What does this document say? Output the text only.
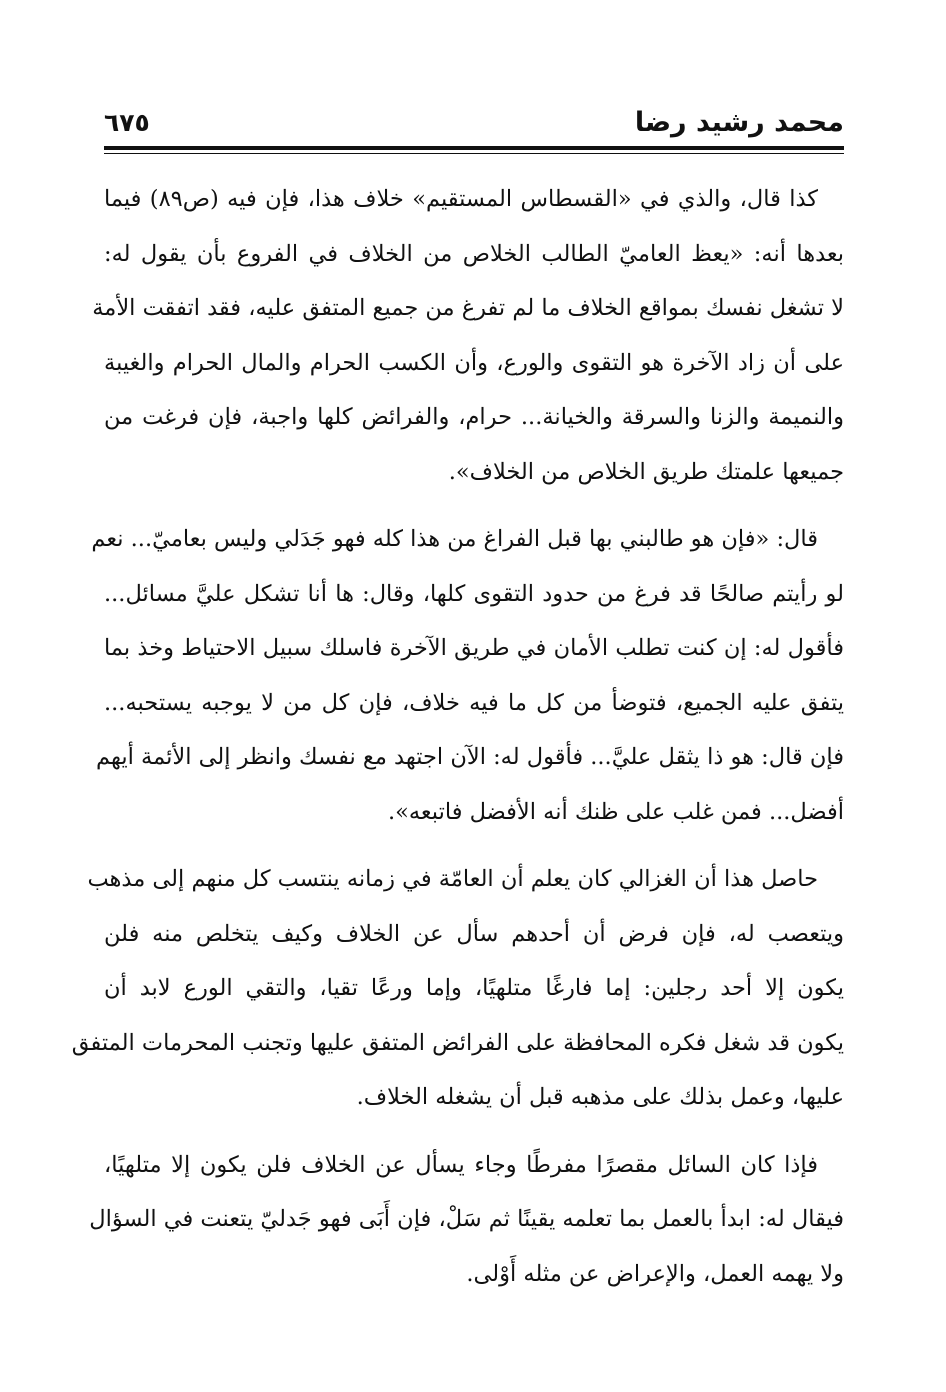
محمد رشيد رضا
٦٧٥

كذا قال، والذي في «القسطاس المستقيم» خلاف هذا، فإن فيه (ص٨٩) فيما
بعدها أنه: «يعظ العاميّ الطالب الخلاص من الخلاف في الفروع بأن يقول له:
لا تشغل نفسك بمواقع الخلاف ما لم تفرغ من جميع المتفق عليه، فقد اتفقت الأمة
على أن زاد الآخرة هو التقوى والورع، وأن الكسب الحرام والمال الحرام والغيبة
والنميمة والزنا والسرقة والخيانة... حرام، والفرائض كلها واجبة، فإن فرغت من
جميعها علمتك طريق الخلاص من الخلاف».

قال: «فإن هو طالبني بها قبل الفراغ من هذا كله فهو جَدَلي وليس بعاميّ... نعم
لو رأيتم صالحًا قد فرغ من حدود التقوى كلها، وقال: ها أنا تشكل عليَّ مسائل...
فأقول له: إن كنت تطلب الأمان في طريق الآخرة فاسلك سبيل الاحتياط وخذ بما
يتفق عليه الجميع، فتوضأ من كل ما فيه خلاف، فإن كل من لا يوجبه يستحبه...
فإن قال: هو ذا يثقل عليَّ... فأقول له: الآن اجتهد مع نفسك وانظر إلى الأئمة أيهم
أفضل... فمن غلب على ظنك أنه الأفضل فاتبعه».

حاصل هذا أن الغزالي كان يعلم أن العامّة في زمانه ينتسب كل منهم إلى مذهب
ويتعصب له، فإن فرض أن أحدهم سأل عن الخلاف وكيف يتخلص منه فلن
يكون إلا أحد رجلين: إما فارغًا متلهيًا، وإما ورعًا تقيا، والتقي الورع لابد أن
يكون قد شغل فكره المحافظة على الفرائض المتفق عليها وتجنب المحرمات المتفق
عليها، وعمل بذلك على مذهبه قبل أن يشغله الخلاف.

فإذا كان السائل مقصرًا مفرطًا وجاء يسأل عن الخلاف فلن يكون إلا متلهيًا،
فيقال له: ابدأ بالعمل بما تعلمه يقينًا ثم سَلْ، فإن أَبَى فهو جَدليّ يتعنت في السؤال
ولا يهمه العمل، والإعراض عن مثله أَوْلى.
